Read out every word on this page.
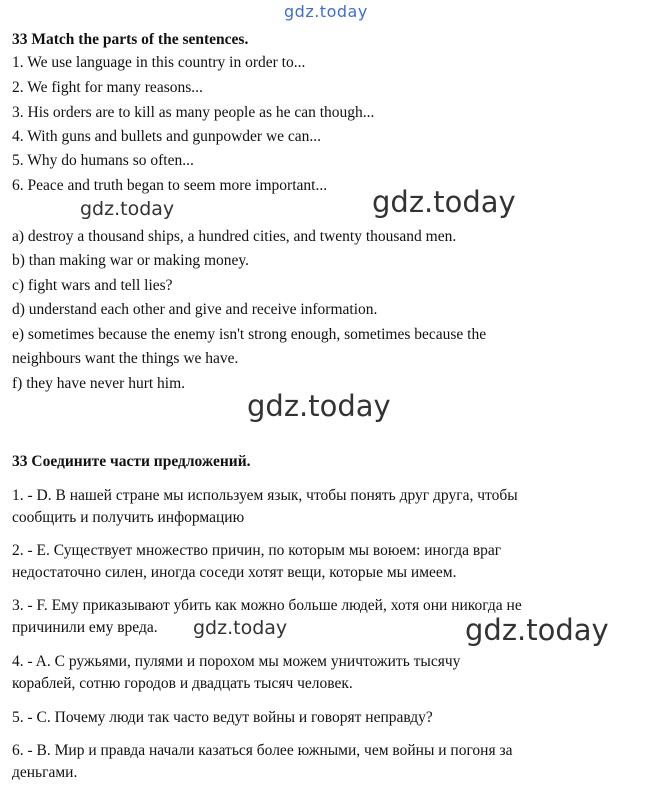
gdz.today
gdz.today	gdz.today
gdz.today
gdz.today	gdz.today
33 Match the parts of the sentences.
1. We use language in this country in order to...
2. We fight for many reasons...
3. His orders are to kill as many people as he can though...
4. With guns and bullets and gunpowder we can...
5. Why do humans so often...
6. Peace and truth began to seem more important...
a) destroy a thousand ships, a hundred cities, and twenty thousand men.
b) than making war or making money.
c) fight wars and tell lies?
d) understand each other and give and receive information.
e) sometimes because the enemy isn't strong enough, sometimes because the
neighbours want the things we have.
f) they have never hurt him.
33 Соедините части предложений.
1. - D. В нашей стране мы используем язык, чтобы понять друг друга, чтобы
сообщить и получить информацию
2. - E. Существует множество причин, по которым мы воюем: иногда враг
недостаточно силен, иногда соседи хотят вещи, которые мы имеем.
3. - F. Ему приказывают убить как можно больше людей, хотя они никогда не
причинили ему вреда.
4. - A. С ружьями, пулями и порохом мы можем уничтожить тысячу
кораблей, сотню городов и двадцать тысяч человек.
5. - C. Почему люди так часто ведут войны и говорят неправду?
6. - B. Мир и правда начали казаться более южными, чем войны и погоня за
деньгами.
